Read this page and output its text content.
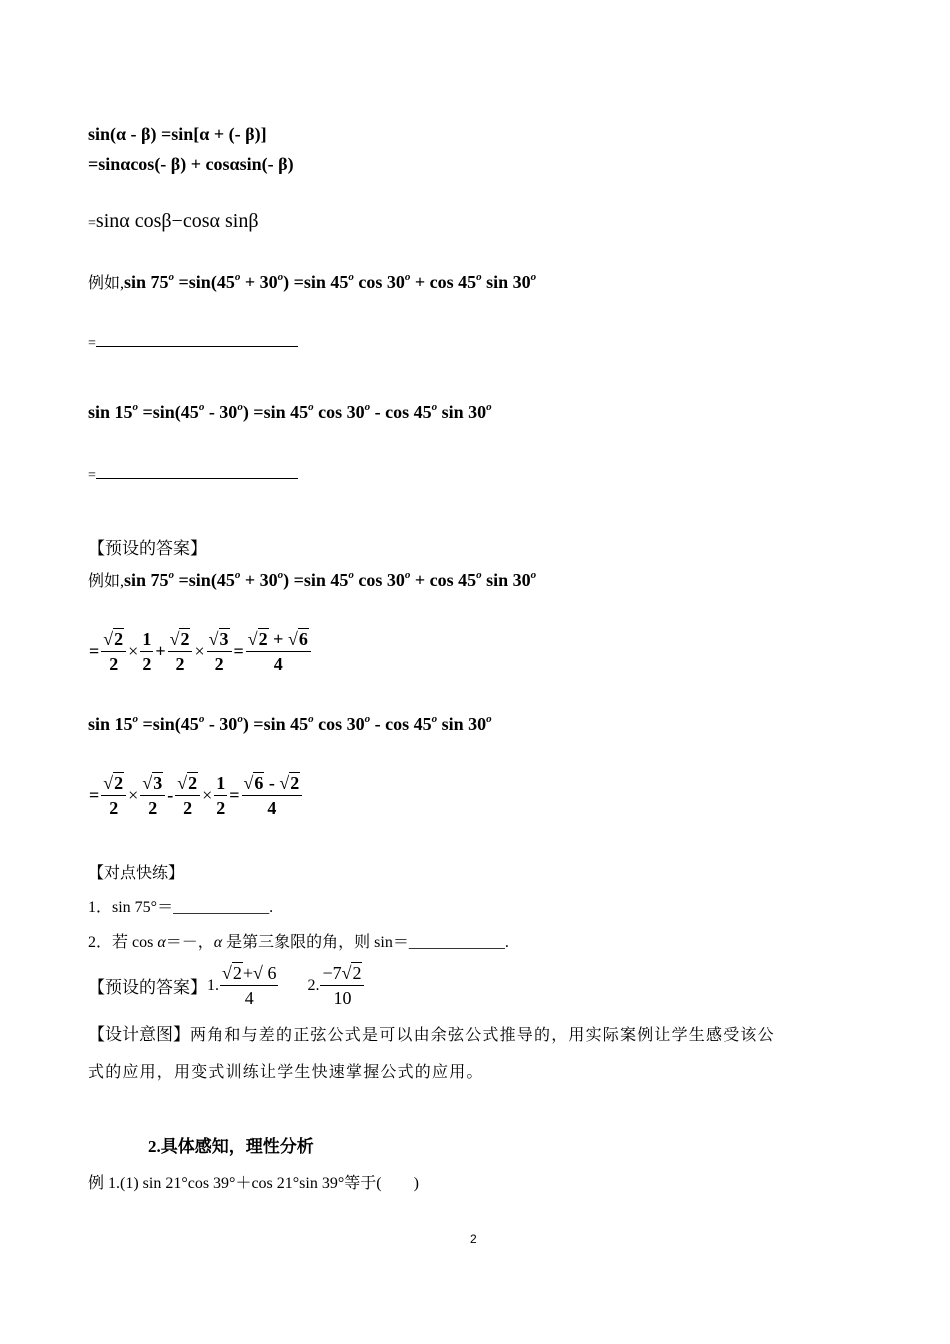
sin(α - β) =sin[α + (- β)]
=sinαcos(- β) + cosαsin(- β)
=sinα cosβ−cosα sinβ
例如,sin $75^o =\sin(45^o + 30^o) =\sin$ 45$^o$ $\cos 30^o + \cos 45^o$ $\sin 30^o$
=
$\sin 15^o =\sin(45^o - 30^o) =\sin$ 45$^o$ cos 30$^o$ - cos 45$^o$ $\sin 30^o$
=
【预设的答案】
例如,sin $75^o =\sin(45^o + 30^o) =\sin$ 45$^o$ $\cos 30^o + \cos 45^o$ $\sin 30^o$
= $\frac{√2}{2} \times \frac{1}{2} + \frac{√2}{2} \times \frac{√3}{2} = \frac{√2 + √6}{4}$
$\sin 15^o =\sin(45^o - 30^o) =\sin$ 45$^o$ cos 30$^o$ - cos 45$^o$ $\sin 30^o$
= $\frac{√2}{2} \times \frac{√3}{2} - \frac{√2}{2} \times \frac{1}{2} = \frac{√6 - √2}{4}$
【对点快练】
1．sin 75°＝____________.
2．若 cos α＝－，α 是第三象限的角，则 sin＝____________.
【预设的答案】 1. $\frac{√2+√ 6}{4} 2$. $\frac{-7√2}{10}$
【设计意图】两角和与差的正弦公式是可以由余弦公式推导的，用实际案例让学生感受该公
式的应用，用变式训练让学生快速掌握公式的应用。
2.具体感知，理性分析
例 1.(1) sin 21°cos 39°＋cos 21°sin 39°等于(　　)
2
